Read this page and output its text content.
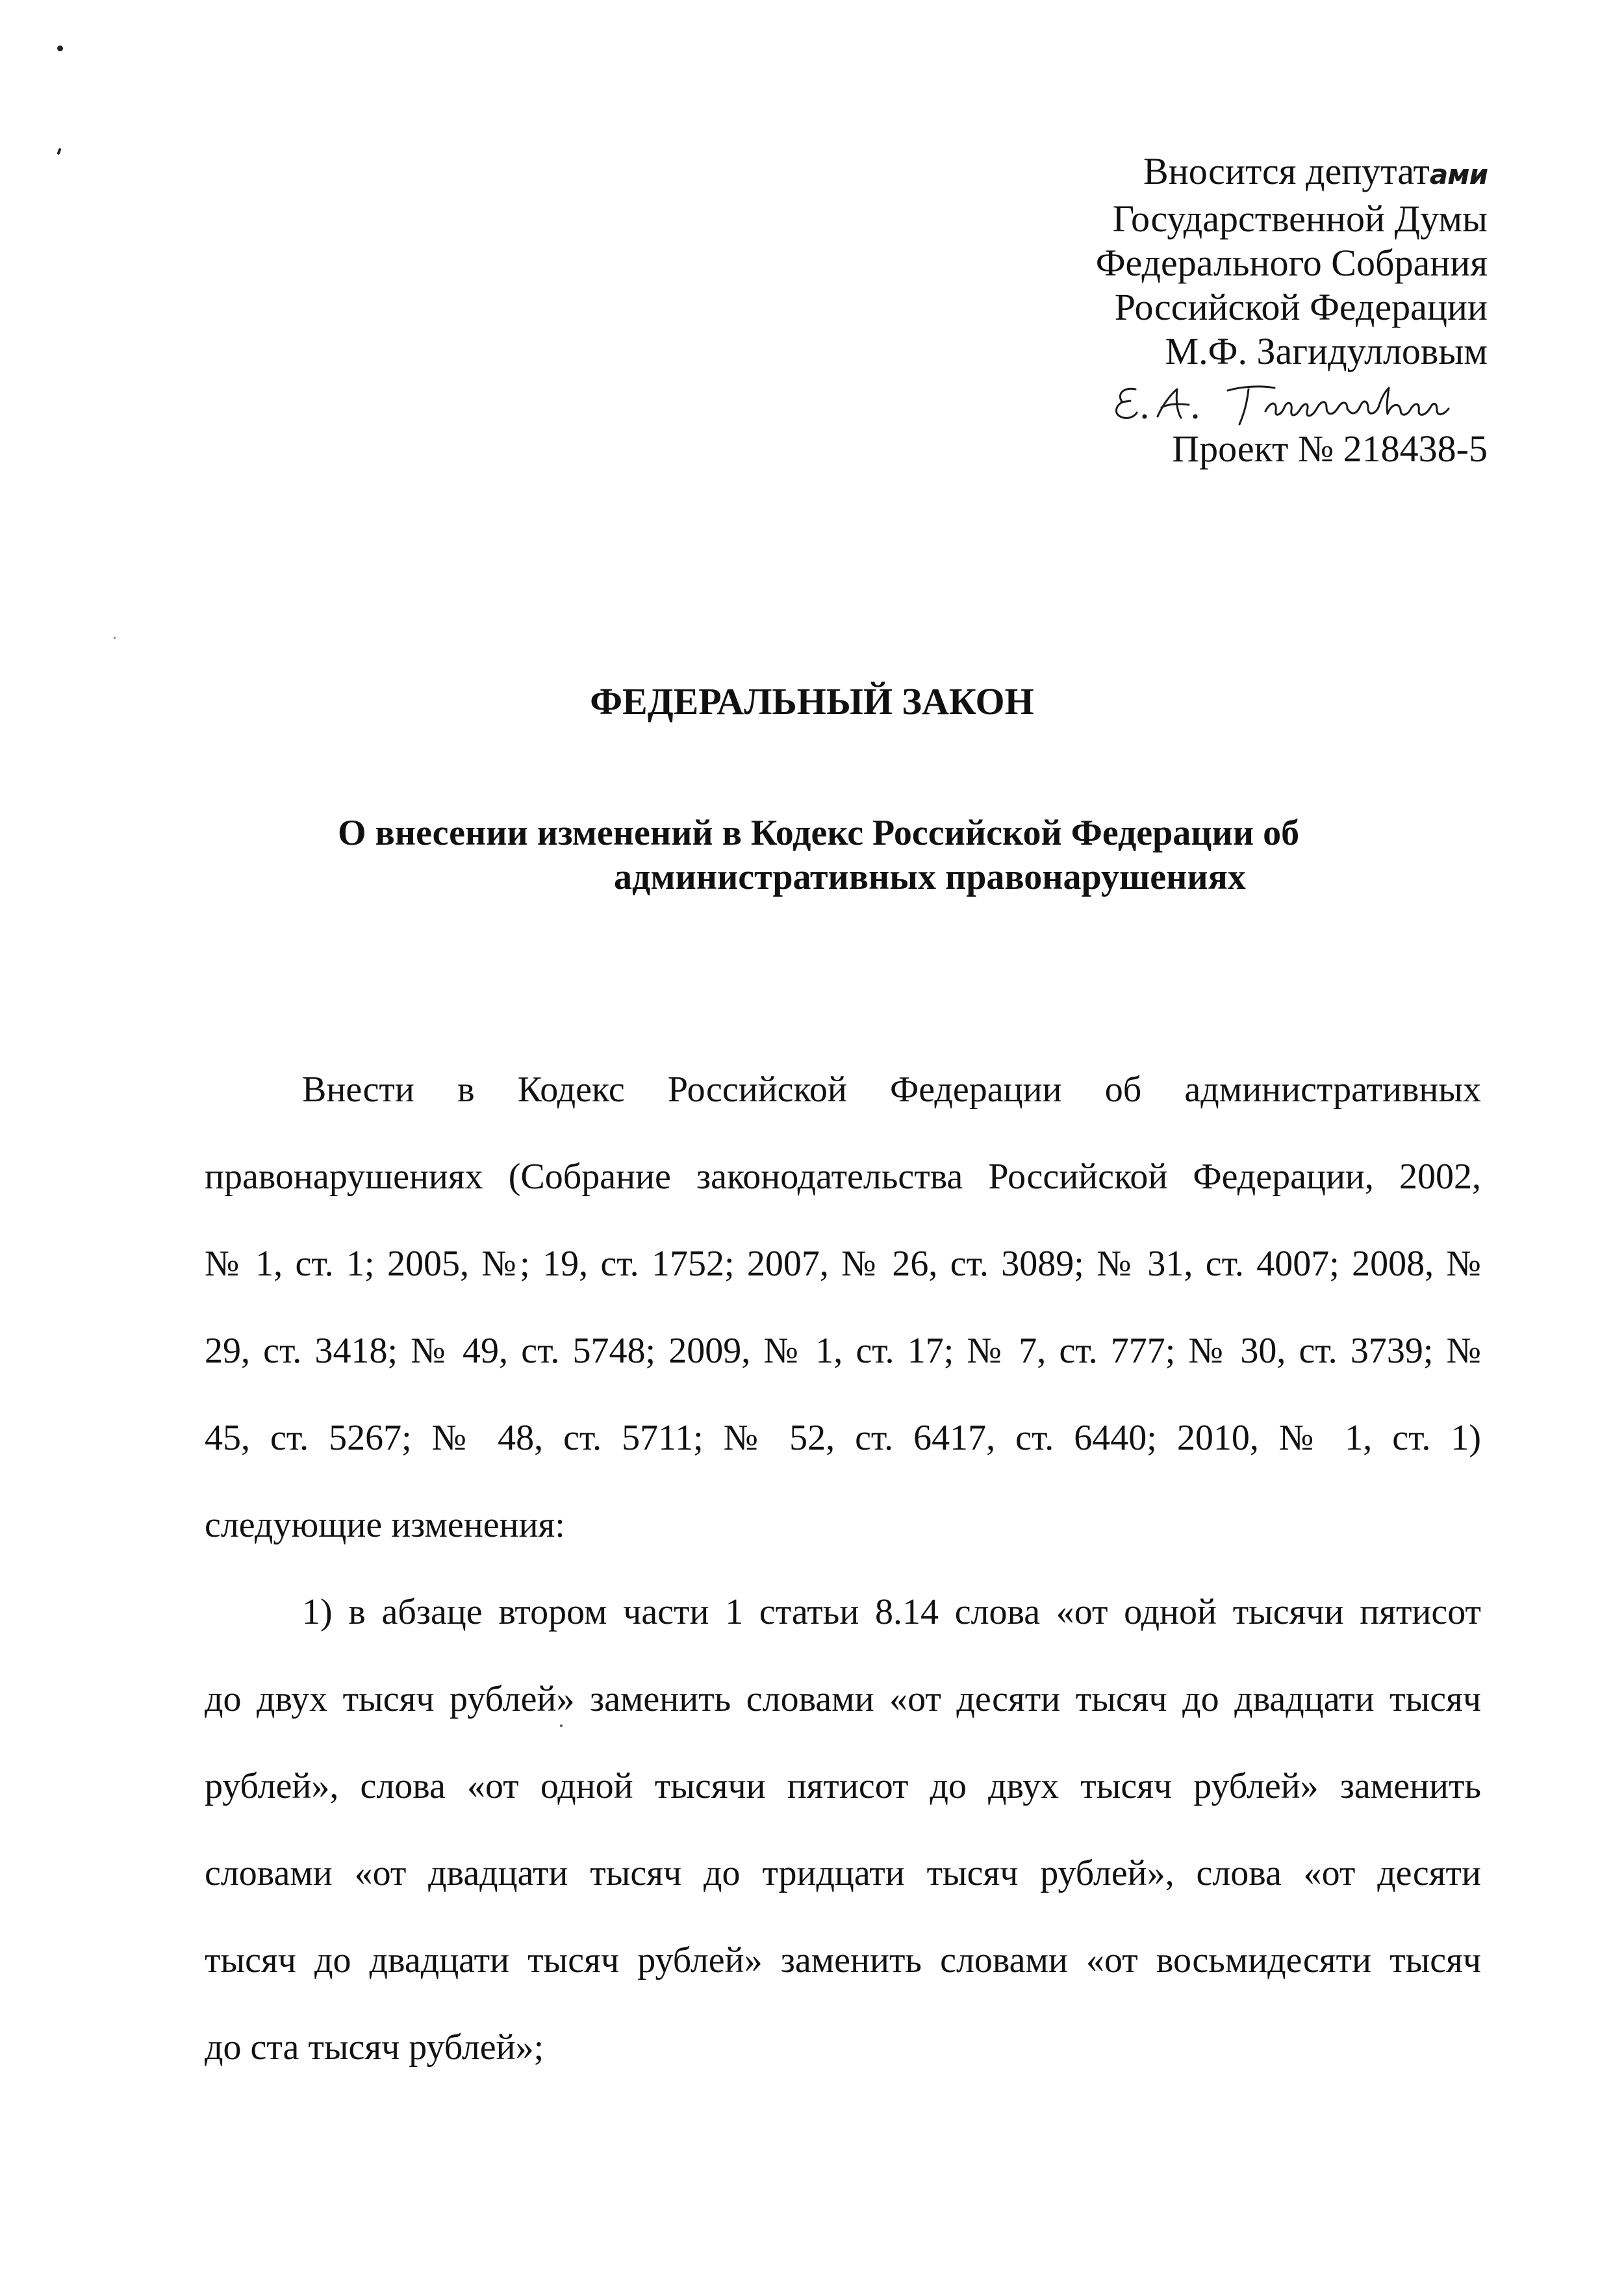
Вносится депутатами
Государственной Думы
Федерального Собрания
Российской Федерации
М.Ф. Загидулловым
Проект № 218438-5
ФЕДЕРАЛЬНЫЙ ЗАКОН
О внесении изменений в Кодекс Российской Федерации об
административных правонарушениях
Внести в Кодекс Российской Федерации об административных
правонарушениях (Собрание законодательства Российской Федерации, 2002,
№ 1, ст. 1; 2005, №; 19, ст. 1752; 2007, № 26, ст. 3089; № 31, ст. 4007; 2008, №
29, ст. 3418; № 49, ст. 5748; 2009, № 1, ст. 17; № 7, ст. 777; № 30, ст. 3739; №
45, ст. 5267; № 48, ст. 5711; № 52, ст. 6417, ст. 6440; 2010, № 1, ст. 1)
следующие изменения:
1) в абзаце втором части 1 статьи 8.14 слова «от одной тысячи пятисот
до двух тысяч рублей» заменить словами «от десяти тысяч до двадцати тысяч
рублей», слова «от одной тысячи пятисот до двух тысяч рублей» заменить
словами «от двадцати тысяч до тридцати тысяч рублей», слова «от десяти
тысяч до двадцати тысяч рублей» заменить словами «от восьмидесяти тысяч
до ста тысяч рублей»;
